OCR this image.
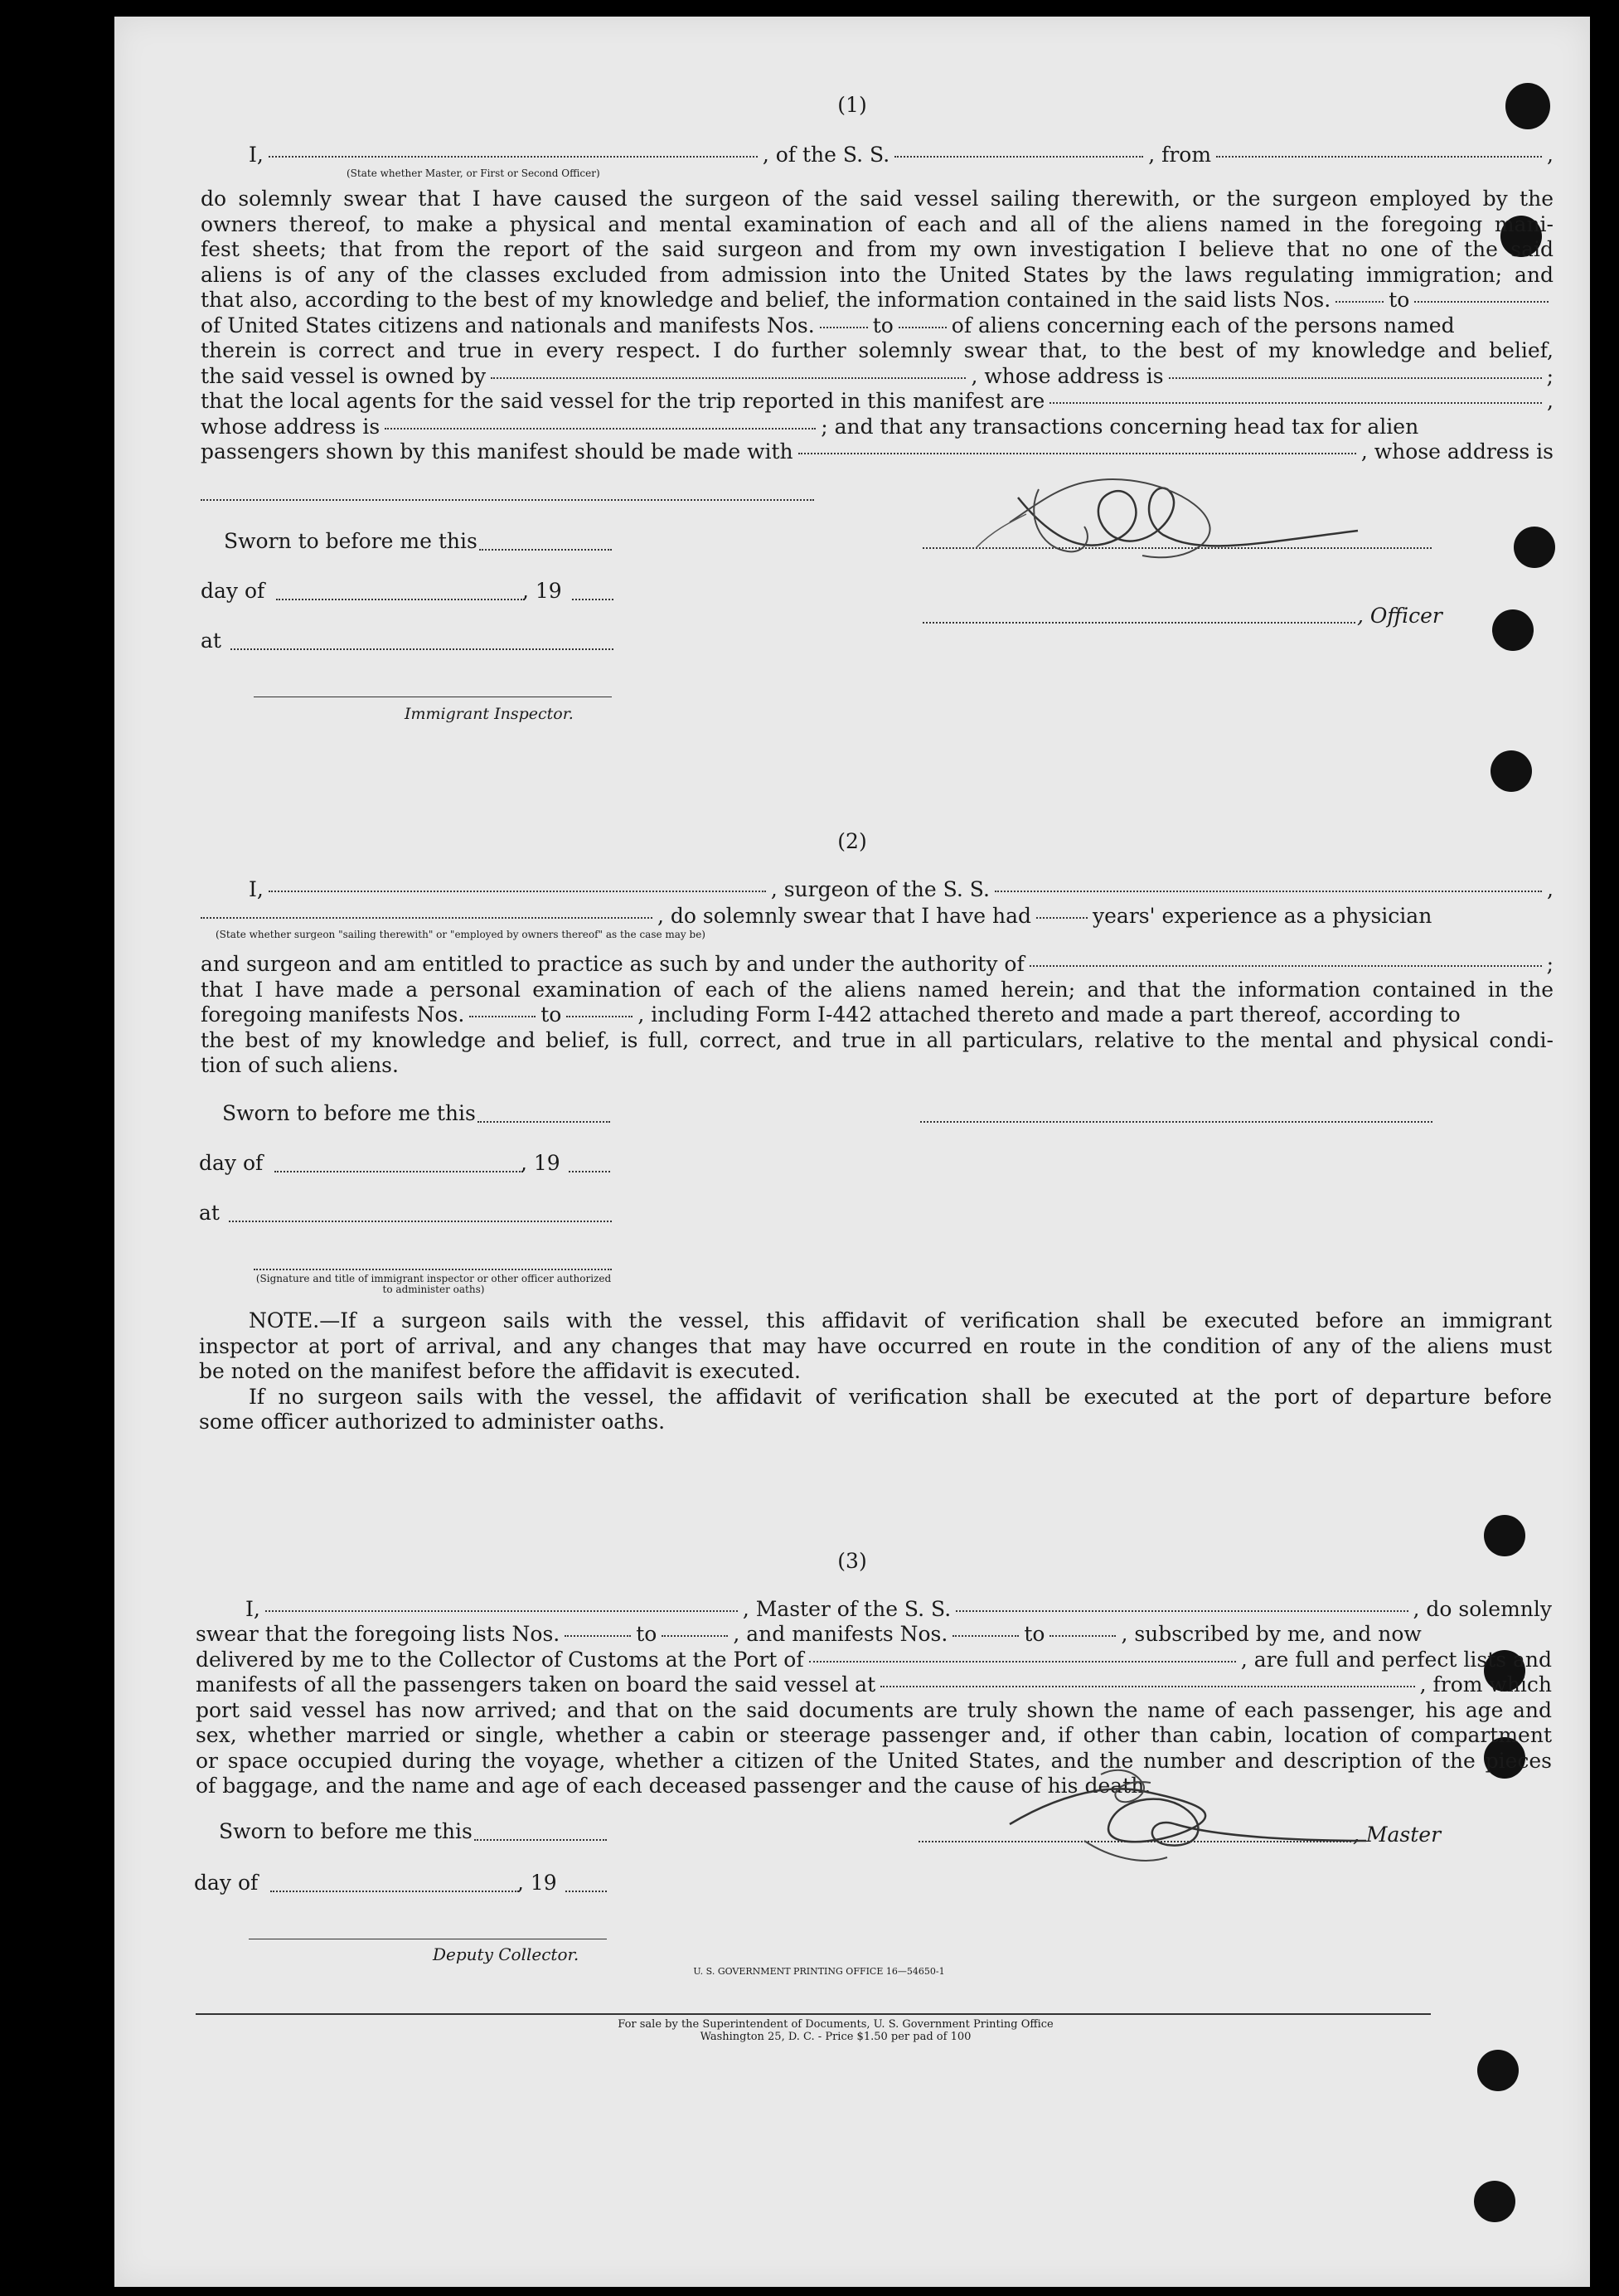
(1)
I,	, of the S. S.	, from	,
(State whether Master, or First or Second Officer)
do solemnly swear that I have caused the surgeon of the said vessel sailing therewith, or the surgeon employed by the
owners thereof, to make a physical and mental examination of each and all of the aliens named in the foregoing mani-
fest sheets; that from the report of the said surgeon and from my own investigation I believe that no one of the said
aliens is of any of the classes excluded from admission into the United States by the laws regulating immigration; and
that also, according to the best of my knowledge and belief, the information contained in the said lists Nos.	to
of United States citizens and nationals and manifests Nos.	to	of aliens concerning each of the persons named
therein is correct and true in every respect. I do further solemnly swear that, to the best of my knowledge and belief,
the said vessel is owned by	, whose address is	;
that the local agents for the said vessel for the trip reported in this manifest are	,
whose address is	; and that any transactions concerning head tax for alien
passengers shown by this manifest should be made with	, whose address is
Sworn to before me this
day of	, 19
, Officer
at
Immigrant Inspector.
(2)
I,	, surgeon of the S. S.	,
, do solemnly swear that I have had	years' experience as a physician
(State whether surgeon "sailing therewith" or "employed by owners thereof" as the case may be)
and surgeon and am entitled to practice as such by and under the authority of	;
that I have made a personal examination of each of the aliens named herein; and that the information contained in the
foregoing manifests Nos.	to	, including Form I-442 attached thereto and made a part thereof, according to
the best of my knowledge and belief, is full, correct, and true in all particulars, relative to the mental and physical condi-
tion of such aliens.
Sworn to before me this
day of	, 19
at
(Signature and title of immigrant inspector or other officer authorized to administer oaths)
NOTE.—If a surgeon sails with the vessel, this affidavit of verification shall be executed before an immigrant
inspector at port of arrival, and any changes that may have occurred en route in the condition of any of the aliens must
be noted on the manifest before the affidavit is executed.
If no surgeon sails with the vessel, the affidavit of verification shall be executed at the port of departure before
some officer authorized to administer oaths.
(3)
I,	, Master of the S. S.	, do solemnly
swear that the foregoing lists Nos.	to	, and manifests Nos.	to	, subscribed by me, and now
delivered by me to the Collector of Customs at the Port of	, are full and perfect lists and
manifests of all the passengers taken on board the said vessel at	, from which
port said vessel has now arrived; and that on the said documents are truly shown the name of each passenger, his age and
sex, whether married or single, whether a cabin or steerage passenger and, if other than cabin, location of compartment
or space occupied during the voyage, whether a citizen of the United States, and the number and description of the pieces
of baggage, and the name and age of each deceased passenger and the cause of his death.
Sworn to before me this	, Master
day of	, 19
Deputy Collector.
U. S. GOVERNMENT PRINTING OFFICE 16—54650-1
For sale by the Superintendent of Documents, U. S. Government Printing Office
Washington 25, D. C. - Price $1.50 per pad of 100
